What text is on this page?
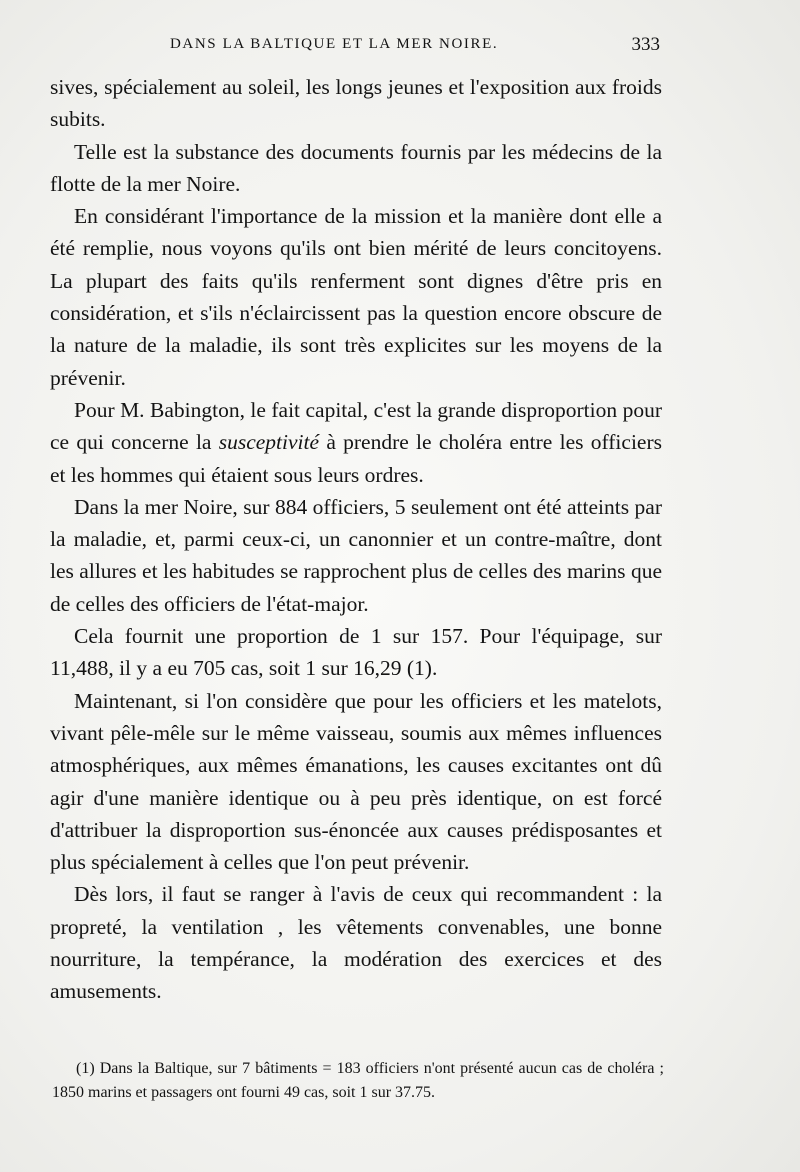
DANS LA BALTIQUE ET LA MER NOIRE.	333

sives, spécialement au soleil, les longs jeunes et l'exposition aux froids subits.

Telle est la substance des documents fournis par les médecins de la flotte de la mer Noire.

En considérant l'importance de la mission et la manière dont elle a été remplie, nous voyons qu'ils ont bien mérité de leurs concitoyens. La plupart des faits qu'ils renferment sont dignes d'être pris en considération, et s'ils n'éclaircissent pas la question encore obscure de la nature de la maladie, ils sont très explicites sur les moyens de la prévenir.

Pour M. Babington, le fait capital, c'est la grande disproportion pour ce qui concerne la susceptivité à prendre le choléra entre les officiers et les hommes qui étaient sous leurs ordres.

Dans la mer Noire, sur 884 officiers, 5 seulement ont été atteints par la maladie, et, parmi ceux-ci, un canonnier et un contre-maître, dont les allures et les habitudes se rapprochent plus de celles des marins que de celles des officiers de l'état-major.

Cela fournit une proportion de 1 sur 157. Pour l'équipage, sur 11,488, il y a eu 705 cas, soit 1 sur 16,29 (1).

Maintenant, si l'on considère que pour les officiers et les matelots, vivant pêle-mêle sur le même vaisseau, soumis aux mêmes influences atmosphériques, aux mêmes émanations, les causes excitantes ont dû agir d'une manière identique ou à peu près identique, on est forcé d'attribuer la disproportion sus-énoncée aux causes prédisposantes et plus spécialement à celles que l'on peut prévenir.

Dès lors, il faut se ranger à l'avis de ceux qui recommandent : la propreté, la ventilation , les vêtements convenables, une bonne nourriture, la tempérance, la modération des exercices et des amusements.

(1) Dans la Baltique, sur 7 bâtiments = 183 officiers n'ont présenté aucun cas de choléra ; 1850 marins et passagers ont fourni 49 cas, soit 1 sur 37.75.
